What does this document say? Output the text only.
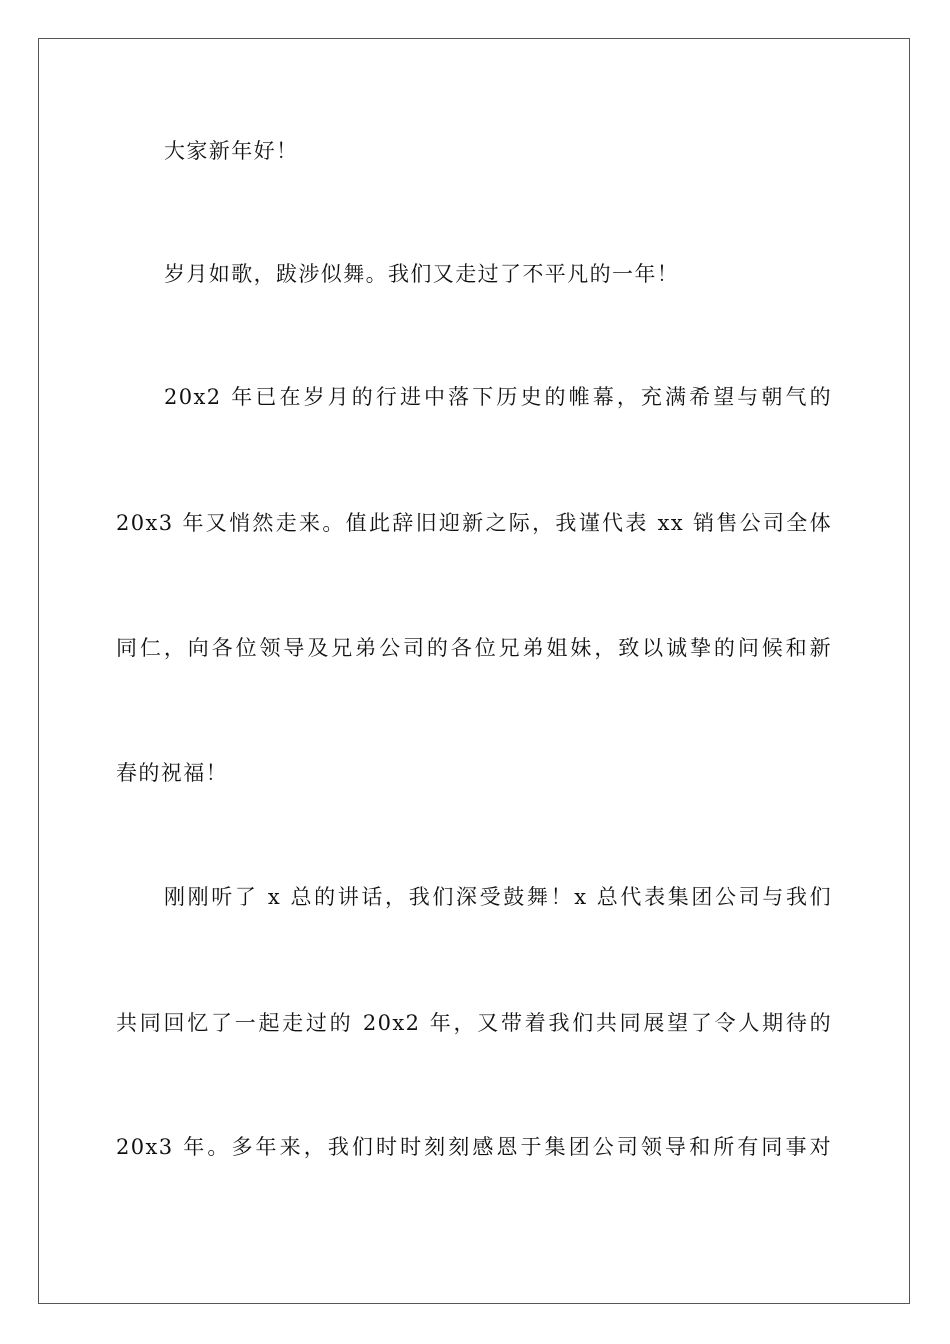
大家新年好！
岁月如歌，跋涉似舞。我们又走过了不平凡的一年！
20x2 年已在岁月的行进中落下历史的帷幕，充满希望与朝气的
20x3 年又悄然走来。值此辞旧迎新之际，我谨代表 xx 销售公司全体
同仁，向各位领导及兄弟公司的各位兄弟姐妹，致以诚挚的问候和新
春的祝福！
刚刚听了 x 总的讲话，我们深受鼓舞！x 总代表集团公司与我们
共同回忆了一起走过的 20x2 年，又带着我们共同展望了令人期待的
20x3 年。多年来，我们时时刻刻感恩于集团公司领导和所有同事对
